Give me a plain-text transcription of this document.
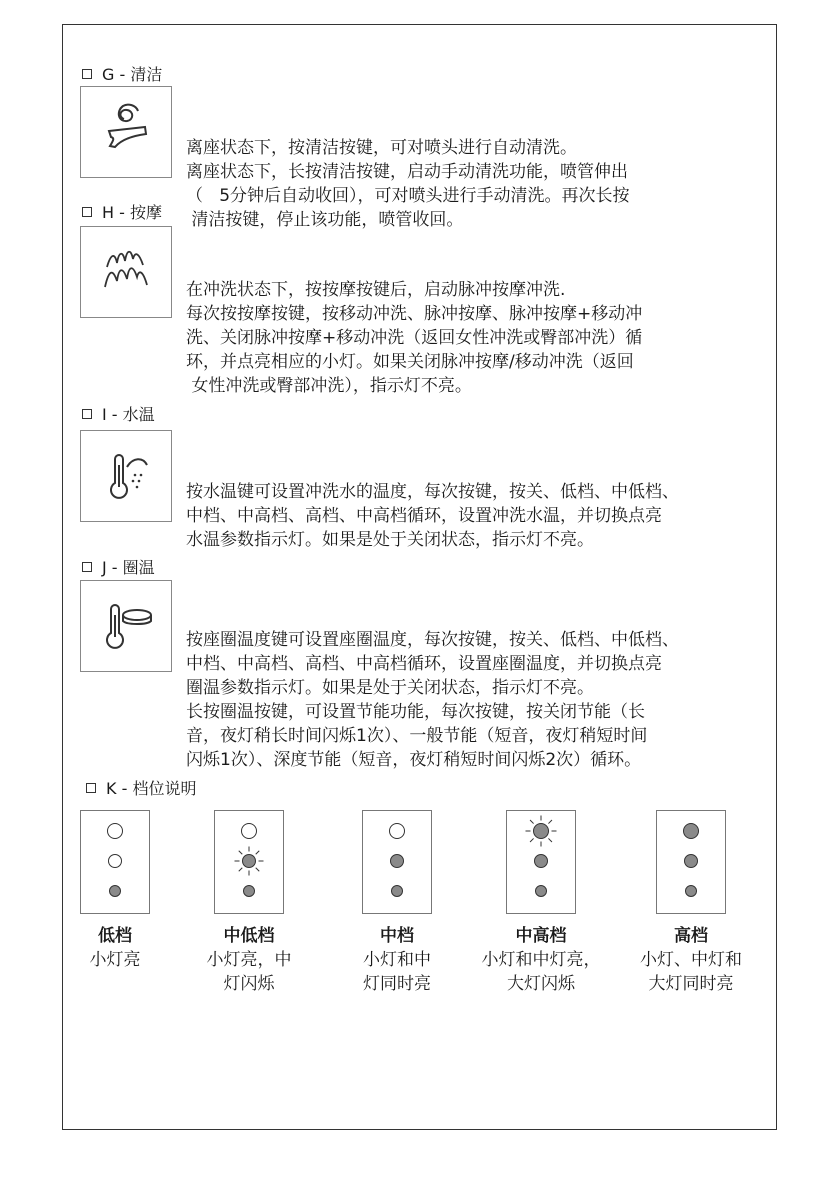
G - 清洁

离座状态下，按清洁按键，可对喷头进行自动清洗。
离座状态下，长按清洁按键，启动手动清洗功能，喷管伸出
（   5分钟后自动收回），可对喷头进行手动清洗。再次长按
清洁按键，停止该功能，喷管收回。

H - 按摩

在冲洗状态下，按按摩按键后，启动脉冲按摩冲洗.
每次按按摩按键，按移动冲洗、脉冲按摩、脉冲按摩+移动冲
洗、关闭脉冲按摩+移动冲洗（返回女性冲洗或臀部冲洗）循
环，并点亮相应的小灯。如果关闭脉冲按摩/移动冲洗（返回
女性冲洗或臀部冲洗），指示灯不亮。

I - 水温

按水温键可设置冲洗水的温度，每次按键，按关、低档、中低档、
中档、中高档、高档、中高档循环，设置冲洗水温，并切换点亮
水温参数指示灯。如果是处于关闭状态，指示灯不亮。

J - 圈温

按座圈温度键可设置座圈温度，每次按键，按关、低档、中低档、
中档、中高档、高档、中高档循环，设置座圈温度，并切换点亮
圈温参数指示灯。如果是处于关闭状态，指示灯不亮。
长按圈温按键，可设置节能功能，每次按键，按关闭节能（长
音，夜灯稍长时间闪烁1次）、一般节能（短音，夜灯稍短时间
闪烁1次）、深度节能（短音，夜灯稍短时间闪烁2次）循环。

K - 档位说明
低档
小灯亮
中低档
小灯亮，中
灯闪烁
中档
小灯和中
灯同时亮
中高档
小灯和中灯亮，
大灯闪烁
高档
小灯、中灯和
大灯同时亮
